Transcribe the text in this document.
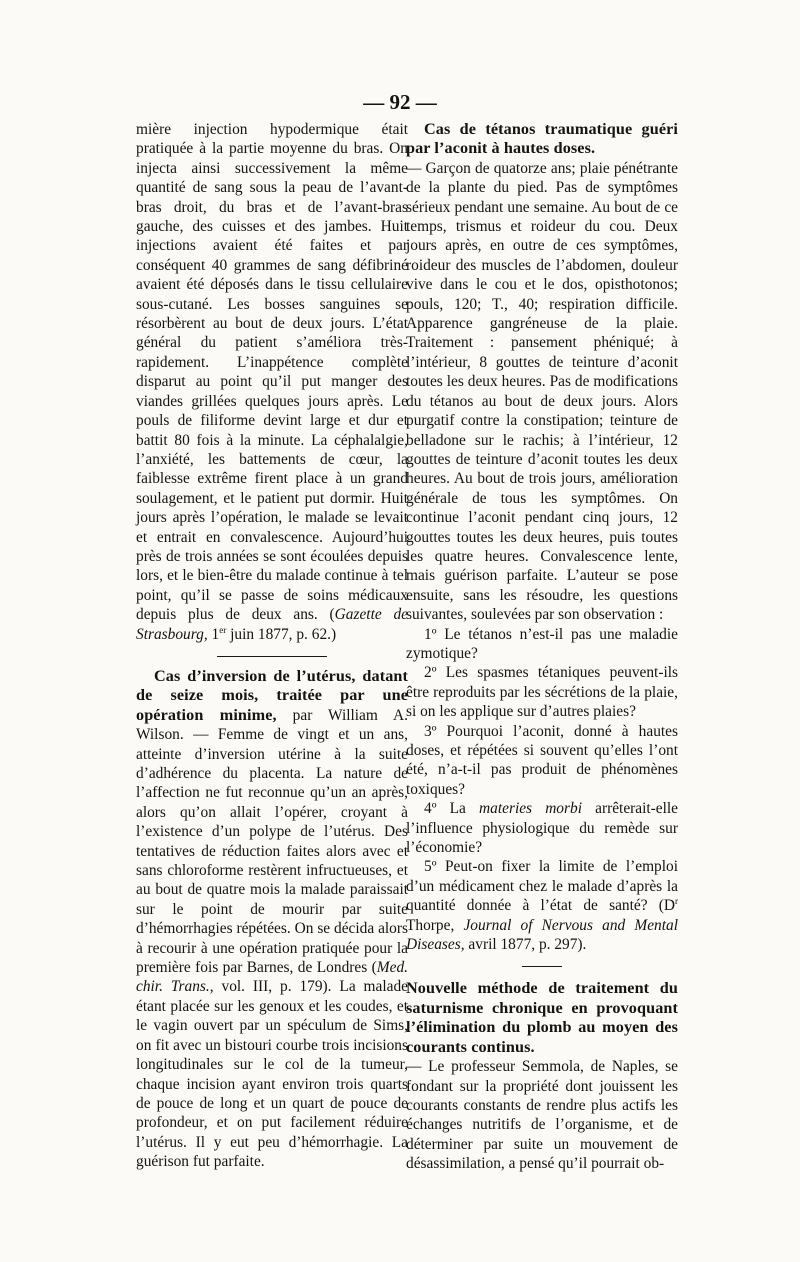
— 92 —

mière injection hypodermique était pratiquée à la partie moyenne du bras. On injecta ainsi successivement la même quantité de sang sous la peau de l’avant-bras droit, du bras et de l’avant-bras gauche, des cuisses et des jambes. Huit injections avaient été faites et par conséquent 40 grammes de sang défibriné avaient été déposés dans le tissu cellulaire sous-cutané. Les bosses sanguines se résorbèrent au bout de deux jours. L’état général du patient s’améliora très-rapidement. L’inappétence complète disparut au point qu’il put manger des viandes grillées quelques jours après. Le pouls de filiforme devint large et dur et battit 80 fois à la minute. La céphalalgie, l’anxiété, les battements de cœur, la faiblesse extrême firent place à un grand soulagement, et le patient put dormir. Huit jours après l’opération, le malade se levait et entrait en convalescence. Aujourd’hui près de trois années se sont écoulées depuis lors, et le bien-être du malade continue à tel point, qu’il se passe de soins médicaux depuis plus de deux ans. (Gazette de Strasbourg, 1er juin 1877, p. 62.)

Cas d’inversion de l’utérus, datant de seize mois, traitée par une opération minime, par William A. Wilson. — Femme de vingt et un ans, atteinte d’inversion utérine à la suite d’adhérence du placenta. La nature de l’affection ne fut reconnue qu’un an après, alors qu’on allait l’opérer, croyant à l’existence d’un polype de l’utérus. Des tentatives de réduction faites alors avec et sans chloroforme restèrent infructueuses, et au bout de quatre mois la malade paraissait sur le point de mourir par suite d’hémorrhagies répétées. On se décida alors à recourir à une opération pratiquée pour la première fois par Barnes, de Londres (Med. chir. Trans., vol. III, p. 179). La malade étant placée sur les genoux et les coudes, et le vagin ouvert par un spéculum de Sims, on fit avec un bistouri courbe trois incisions longitudinales sur le col de la tumeur, chaque incision ayant environ trois quarts de pouce de long et un quart de pouce de profondeur, et on put facilement réduire l’utérus. Il y eut peu d’hémorrhagie. La guérison fut parfaite.

Cas de tétanos traumatique guéri par l’aconit à hautes doses.
— Garçon de quatorze ans; plaie pénétrante de la plante du pied. Pas de symptômes sérieux pendant une semaine. Au bout de ce temps, trismus et roideur du cou. Deux jours après, en outre de ces symptômes, roideur des muscles de l’abdomen, douleur vive dans le cou et le dos, opisthotonos; pouls, 120; T., 40; respiration difficile. Apparence gangréneuse de la plaie. Traitement : pansement phéniqué; à l’intérieur, 8 gouttes de teinture d’aconit toutes les deux heures. Pas de modifications du tétanos au bout de deux jours. Alors purgatif contre la constipation; teinture de belladone sur le rachis; à l’intérieur, 12 gouttes de teinture d’aconit toutes les deux heures. Au bout de trois jours, amélioration générale de tous les symptômes. On continue l’aconit pendant cinq jours, 12 gouttes toutes les deux heures, puis toutes les quatre heures. Convalescence lente, mais guérison parfaite. L’auteur se pose ensuite, sans les résoudre, les questions suivantes, soulevées par son observation :

1º Le tétanos n’est-il pas une maladie zymotique?

2º Les spasmes tétaniques peuvent-ils être reproduits par les sécrétions de la plaie, si on les applique sur d’autres plaies?

3º Pourquoi l’aconit, donné à hautes doses, et répétées si souvent qu’elles l’ont été, n’a-t-il pas produit de phénomènes toxiques?

4º La materies morbi arrêterait-elle l’influence physiologique du remède sur l’économie?

5º Peut-on fixer la limite de l’emploi d’un médicament chez le malade d’après la quantité donnée à l’état de santé? ($D^r$ Thorpe, Journal of Nervous and Mental Diseases, avril 1877, p. 297).

Nouvelle méthode de traitement du saturnisme chronique en provoquant l’élimination du plomb au moyen des courants continus.
— Le professeur Semmola, de Naples, se fondant sur la propriété dont jouissent les courants constants de rendre plus actifs les échanges nutritifs de l’organisme, et de déterminer par suite un mouvement de désassimilation, a pensé qu’il pourrait ob-
